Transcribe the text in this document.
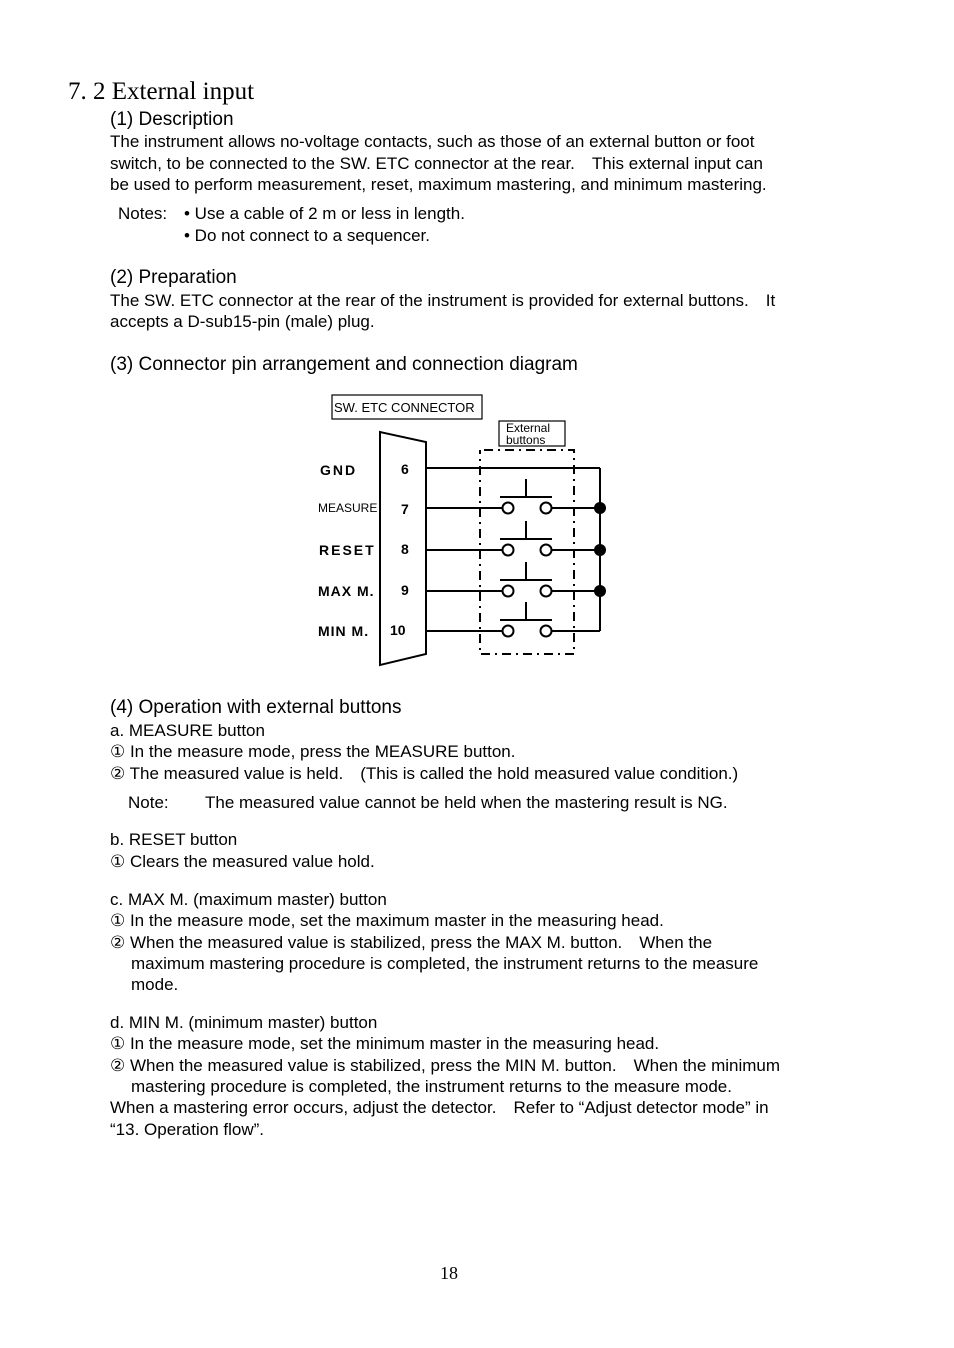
7. 2 External input
(1) Description
The instrument allows no-voltage contacts, such as those of an external button or foot
switch, to be connected to the SW. ETC connector at the rear.　This external input can
be used to perform measurement, reset, maximum mastering, and minimum mastering.
Notes: • Use a cable of 2 m or less in length.
• Do not connect to a sequencer.
(2) Preparation
The SW. ETC connector at the rear of the instrument is provided for external buttons.　It
accepts a D-sub15-pin (male) plug.
(3) Connector pin arrangement and connection diagram
SW. ETC CONNECTOR
External
buttons
GND
MEASURE
RESET
MAX M.
MIN M.
6
7
8
9
10
(4) Operation with external buttons
a. MEASURE button
① In the measure mode, press the MEASURE button.
② The measured value is held.　(This is called the hold measured value condition.)
Note: The measured value cannot be held when the mastering result is NG.
b. RESET button
① Clears the measured value hold.
c. MAX M. (maximum master) button
① In the measure mode, set the maximum master in the measuring head.
② When the measured value is stabilized, press the MAX M. button.　When the
maximum mastering procedure is completed, the instrument returns to the measure
mode.
d. MIN M. (minimum master) button
① In the measure mode, set the minimum master in the measuring head.
② When the measured value is stabilized, press the MIN M. button.　When the minimum
mastering procedure is completed, the instrument returns to the measure mode.
When a mastering error occurs, adjust the detector.　Refer to “Adjust detector mode” in
“13. Operation flow”.
18
